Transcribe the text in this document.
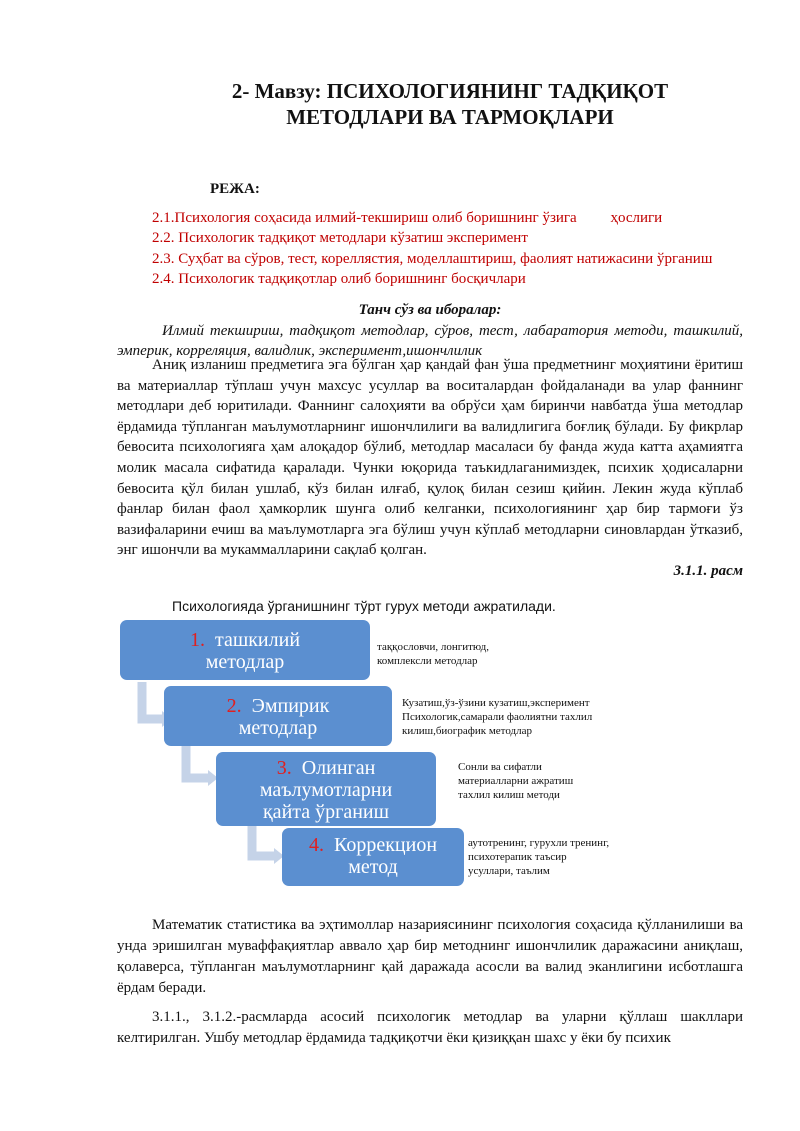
2- Мавзу: ПСИХОЛОГИЯНИНГ ТАДҚИҚОТ
МЕТОДЛАРИ ВА ТАРМОҚЛАРИ
РЕЖА:

2.1.Психология соҳасида илмий-текшириш олиб боришнинг ўзига         ҳослиги

2.2. Психологик тадқиқот методлари кўзатиш эксперимент

2.3. Суҳбат ва сўров, тест, кореллястия, моделлаштириш, фаолият натижасини ўрганиш

2.4. Психологик тадқиқотлар олиб боришнинг босқичлари

Танч сўз ва иборалар:

Илмий текшириш, тадқиқот методлар, сўров, тест, лабаратория методи, ташкилий, эмперик, корреляция, валидлик, эксперимент,ишончлилик

Аниқ изланиш предметига эга бўлган ҳар қандай фан ўша предметнинг моҳиятини ёритиш ва материаллар тўплаш учун махсус усуллар ва воситалардан фойдаланади ва улар фаннинг методлари деб юритилади. Фаннинг салоҳияти ва обрўси ҳам биринчи навбатда ўша методлар ёрдамида тўпланган маълумотларнинг ишончлилиги ва валидлигига боғлиқ бўлади. Бу фикрлар бевосита психологияга ҳам алоқадор бўлиб, методлар масаласи бу фанда жуда катта аҳамиятга молик масала сифатида қаралади. Чунки юқорида таъкидлаганимиздек, психик ҳодисаларни бевосита қўл билан ушлаб, кўз билан илғаб, қулоқ билан сезиш қийин. Лекин жуда кўплаб фанлар билан фаол ҳамкорлик шунга олиб келганки, психологиянинг ҳар бир тармоғи ўз вазифаларини ечиш ва маълумотларга эга бўлиш учун кўплаб методларни синовлардан ўтказиб, энг ишончли ва мукаммалларини сақлаб қолган.

3.1.1. расм
Психологияда ўрганишнинг тўрт гурух методи ажратилади.
1. ташкилий
методлар
таққословчи, лонгитюд,
комплексли методлар
2. Эмпирик
методлар
Кузатиш,ўз-ўзини кузатиш,эксперимент
Психологик,самарали фаолиятни тахлил
килиш,биографик методлар
3. Олинган
маълумотларни
қайта ўрганиш
Сонли ва сифатли
материалларни ажратиш
тахлил килиш методи
4. Коррекцион
метод
аутотренинг, гурухли тренинг,
психотерапик таъсир
усуллари, таълим

Математик статистика ва эҳтимоллар назариясининг психология соҳасида қўлланилиши ва унда эришилган муваффақиятлар аввало ҳар бир методнинг ишончлилик даражасини аниқлаш, қолаверса, тўпланган маълумотларнинг қай даражада асосли ва валид эканлигини исботлашга ёрдам беради.

3.1.1., 3.1.2.-расмларда асосий психологик методлар ва уларни қўллаш шакллари келтирилган. Ушбу методлар ёрдамида тадқиқотчи ёки қизиққан шахс у ёки бу психик
